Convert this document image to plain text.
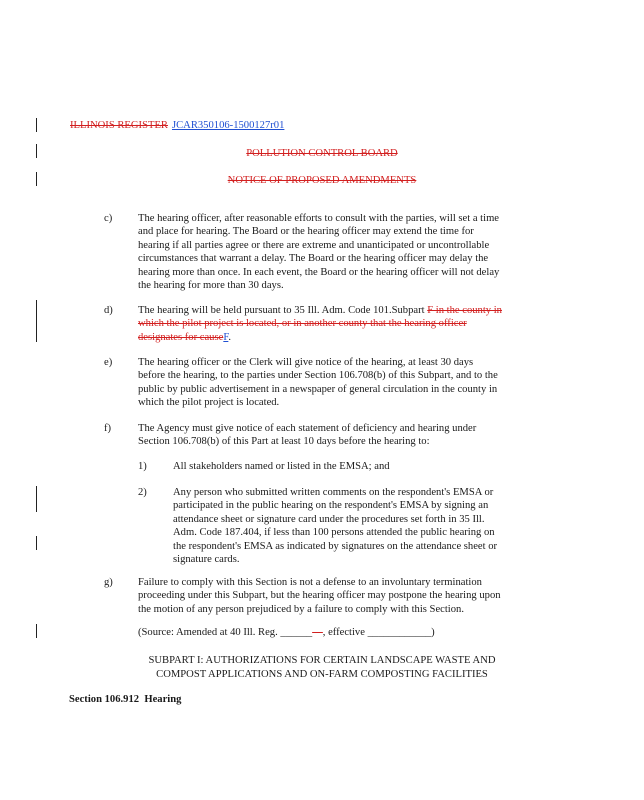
ILLINOIS REGISTER JCAR350106-1500127r01
POLLUTION CONTROL BOARD
NOTICE OF PROPOSED AMENDMENTS
c) The hearing officer, after reasonable efforts to consult with the parties, will set a time and place for hearing. The Board or the hearing officer may extend the time for hearing if all parties agree or there are extreme and unanticipated or uncontrollable circumstances that warrant a delay. The Board or the hearing officer may delay the hearing more than once. In each event, the Board or the hearing officer will not delay the hearing for more than 30 days.

d) The hearing will be held pursuant to 35 Ill. Adm. Code 101.Subpart F in the county in which the pilot project is located, or in another county that the hearing officer designates for causeF.

e) The hearing officer or the Clerk will give notice of the hearing, at least 30 days before the hearing, to the parties under Section 106.708(b) of this Subpart, and to the public by public advertisement in a newspaper of general circulation in the county in which the pilot project is located.

f)	The Agency must give notice of each statement of deficiency and hearing under Section 106.708(b) of this Part at least 10 days before the hearing to:

1) All stakeholders named or listed in the EMSA; and

2) Any person who submitted written comments on the respondent's EMSA or participated in the public hearing on the respondent's EMSA by signing an attendance sheet or signature card under the procedures set forth in 35 Ill. Adm. Code 187.404, if less than 100 persons attended the public hearing on the respondent's EMSA as indicated by signatures on the attendance sheet or signature cards.

g) Failure to comply with this Section is not a defense to an involuntary termination proceeding under this Subpart, but the hearing officer may postpone the hearing upon the motion of any person prejudiced by a failure to comply with this Section.

(Source: Amended at 40 Ill. Reg. ______—, effective ____________)
SUBPART I: AUTHORIZATIONS FOR CERTAIN LANDSCAPE WASTE AND
COMPOST APPLICATIONS AND ON-FARM COMPOSTING FACILITIES
Section 106.912  Hearing
